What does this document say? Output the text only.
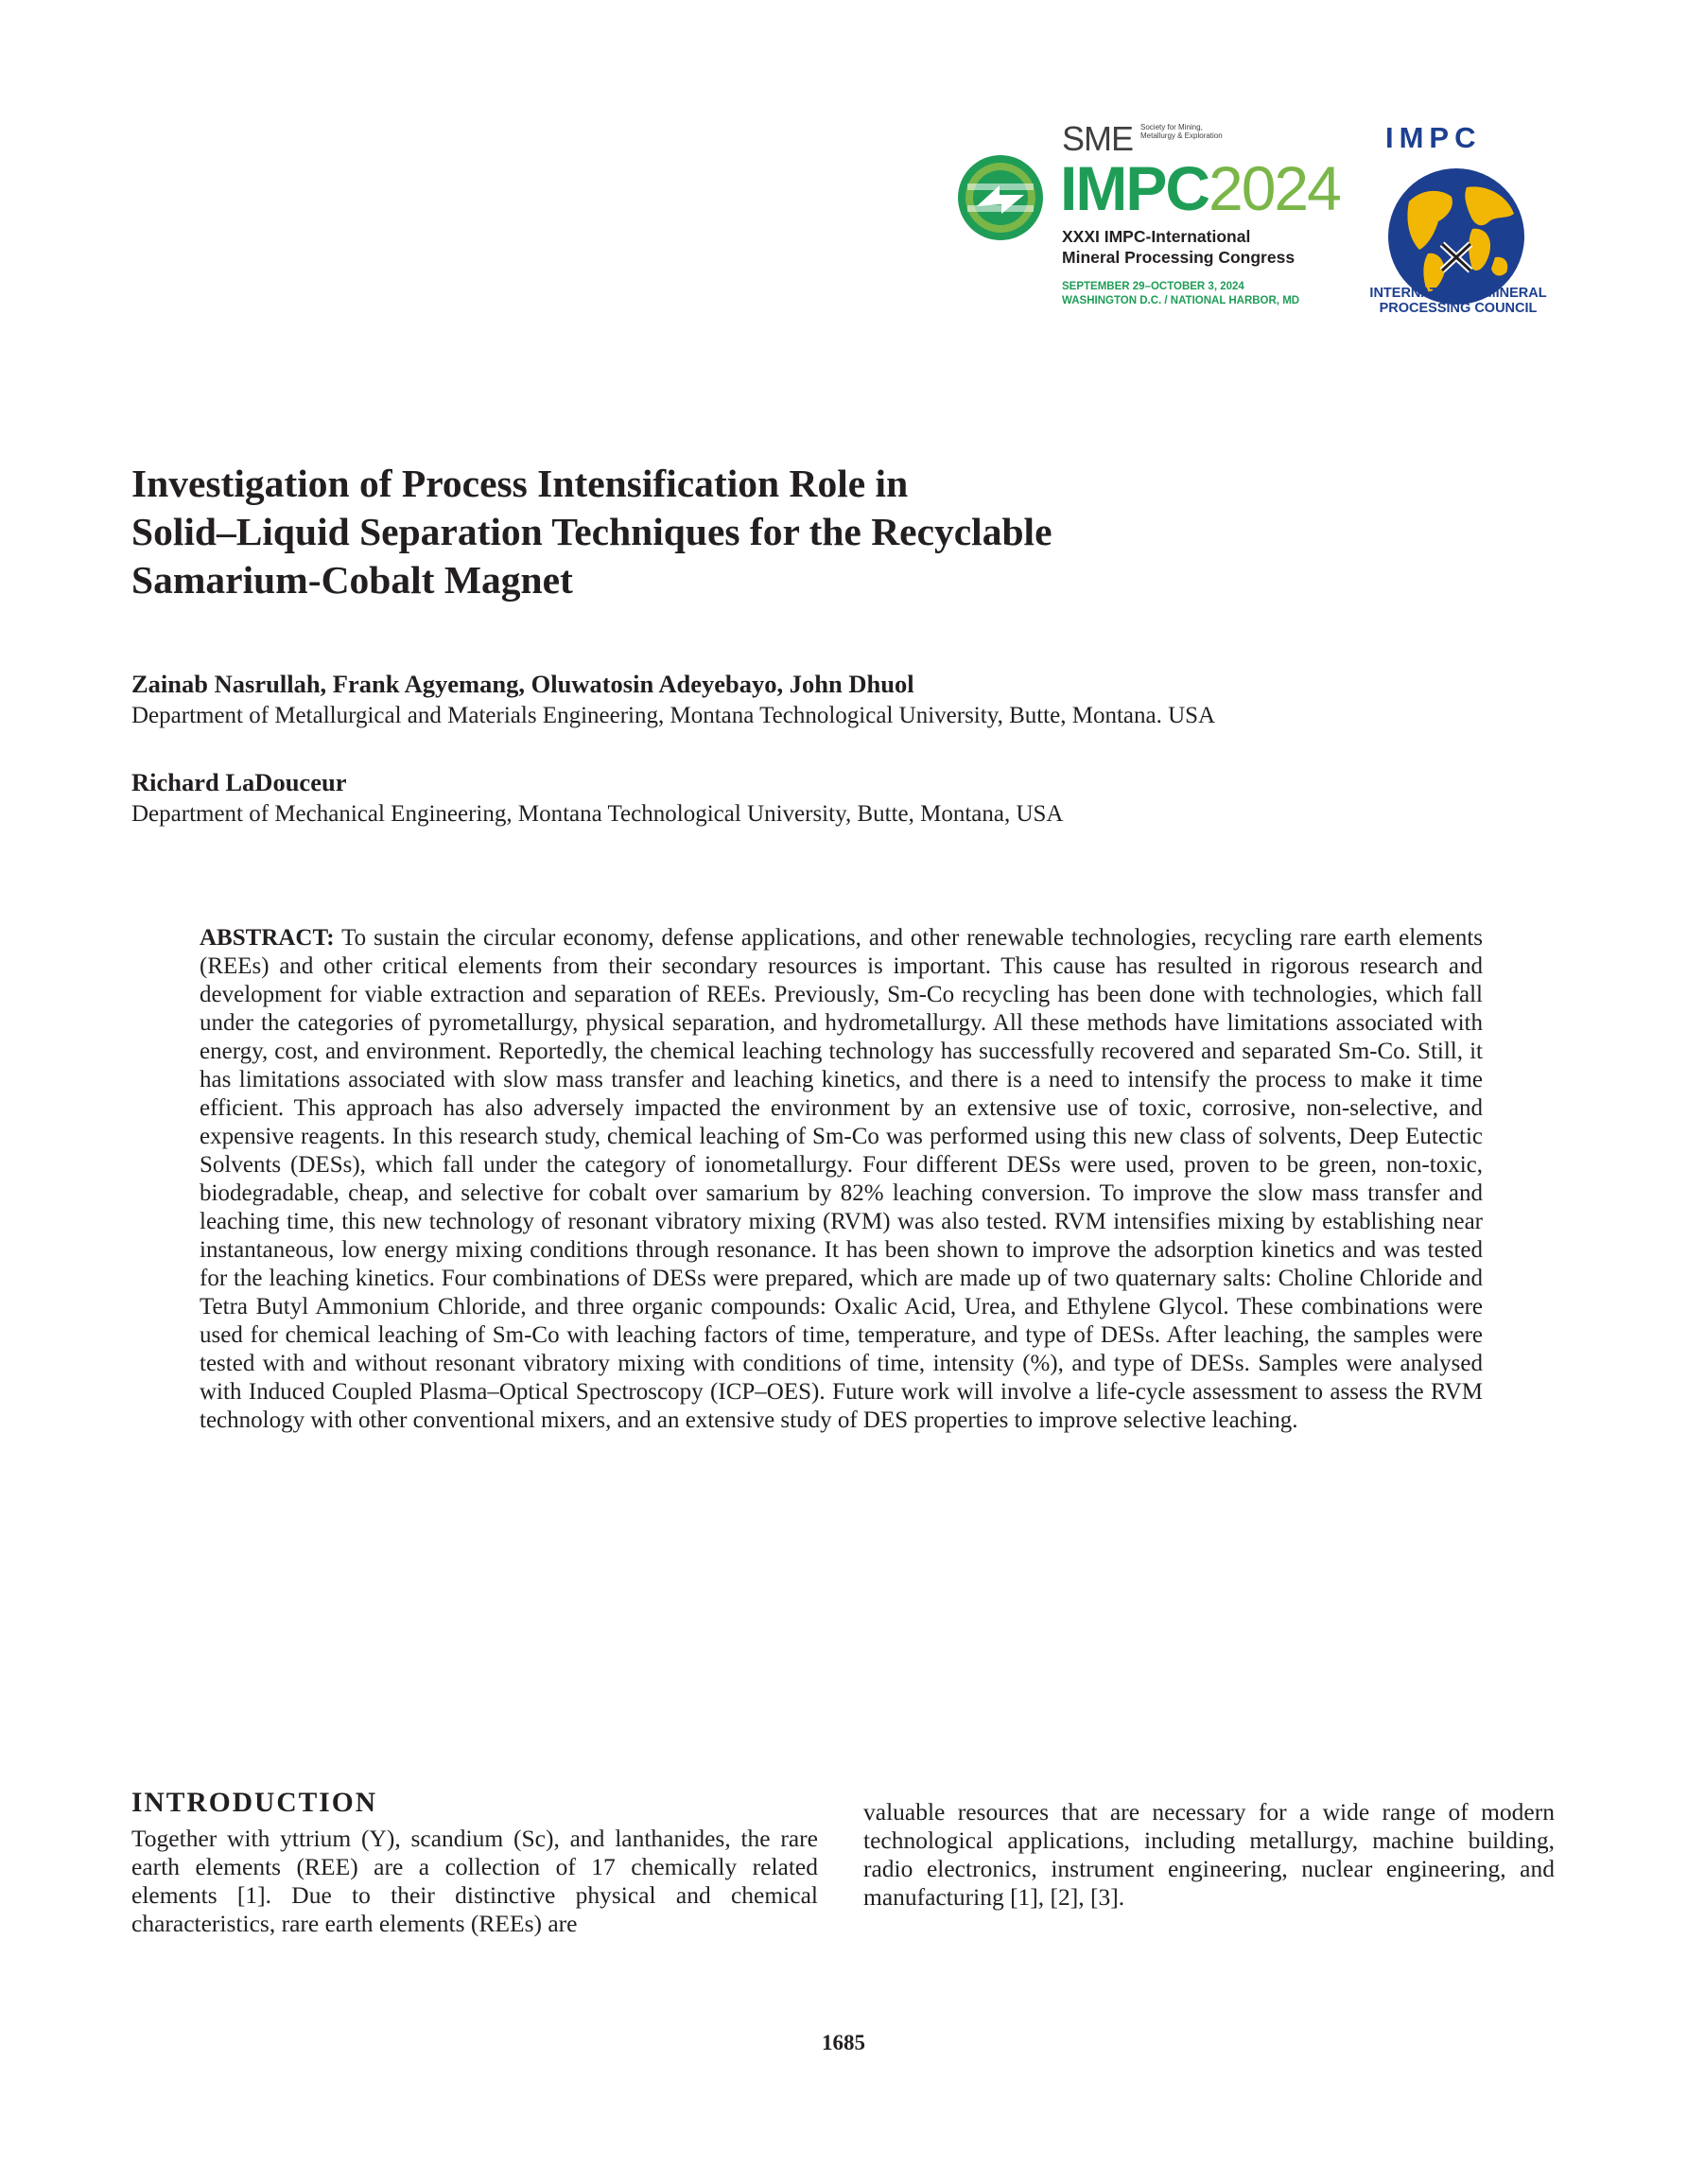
SME Society for Mining, Metallurgy & Exploration
IMPC2024
XXXI IMPC-International
Mineral Processing Congress
SEPTEMBER 29–OCTOBER 3, 2024
WASHINGTON D.C. / NATIONAL HARBOR, MD
IMPC
INTERNATIONAL MINERAL
PROCESSING COUNCIL
Investigation of Process Intensification Role in
Solid–Liquid Separation Techniques for the Recyclable
Samarium-Cobalt Magnet
Zainab Nasrullah, Frank Agyemang, Oluwatosin Adeyebayo, John Dhuol
Department of Metallurgical and Materials Engineering, Montana Technological University, Butte, Montana. USA
Richard LaDouceur
Department of Mechanical Engineering, Montana Technological University, Butte, Montana, USA

ABSTRACT: To sustain the circular economy, defense applications, and other renewable technologies, recycling rare earth elements (REEs) and other critical elements from their secondary resources is important. This cause has resulted in rigorous research and development for viable extraction and separation of REEs. Previously, Sm-Co recycling has been done with technologies, which fall under the categories of pyrometallurgy, physical separation, and hydrometallurgy. All these methods have limitations associated with energy, cost, and environment. Reportedly, the chemical leaching technology has successfully recovered and separated Sm-Co. Still, it has limitations associated with slow mass transfer and leaching kinetics, and there is a need to intensify the process to make it time efficient. This approach has also adversely impacted the environment by an extensive use of toxic, corrosive, non-selective, and expensive reagents. In this research study, chemical leaching of Sm-Co was performed using this new class of solvents, Deep Eutectic Solvents (DESs), which fall under the category of ionometallurgy. Four different DESs were used, proven to be green, non-toxic, biodegradable, cheap, and selective for cobalt over samarium by 82% leaching conversion. To improve the slow mass transfer and leaching time, this new technology of resonant vibratory mixing (RVM) was also tested. RVM intensifies mixing by establishing near instantaneous, low energy mixing conditions through resonance. It has been shown to improve the adsorption kinetics and was tested for the leaching kinetics. Four combinations of DESs were prepared, which are made up of two quaternary salts: Choline Chloride and Tetra Butyl Ammonium Chloride, and three organic compounds: Oxalic Acid, Urea, and Ethylene Glycol. These combinations were used for chemical leaching of Sm-Co with leaching factors of time, temperature, and type of DESs. After leaching, the samples were tested with and without resonant vibratory mixing with conditions of time, intensity (%), and type of DESs. Samples were analysed with Induced Coupled Plasma–Optical Spectroscopy (ICP–OES). Future work will involve a life-cycle assessment to assess the RVM technology with other conventional mixers, and an extensive study of DES properties to improve selective leaching.

INTRODUCTION

Together with yttrium (Y), scandium (Sc), and lanthanides, the rare earth elements (REE) are a collection of 17 chemically related elements [1]. Due to their distinctive physical and chemical characteristics, rare earth elements (REEs) are

valuable resources that are necessary for a wide range of modern technological applications, including metallurgy, machine building, radio electronics, instrument engineering, nuclear engineering, and manufacturing [1], [2], [3].

1685
